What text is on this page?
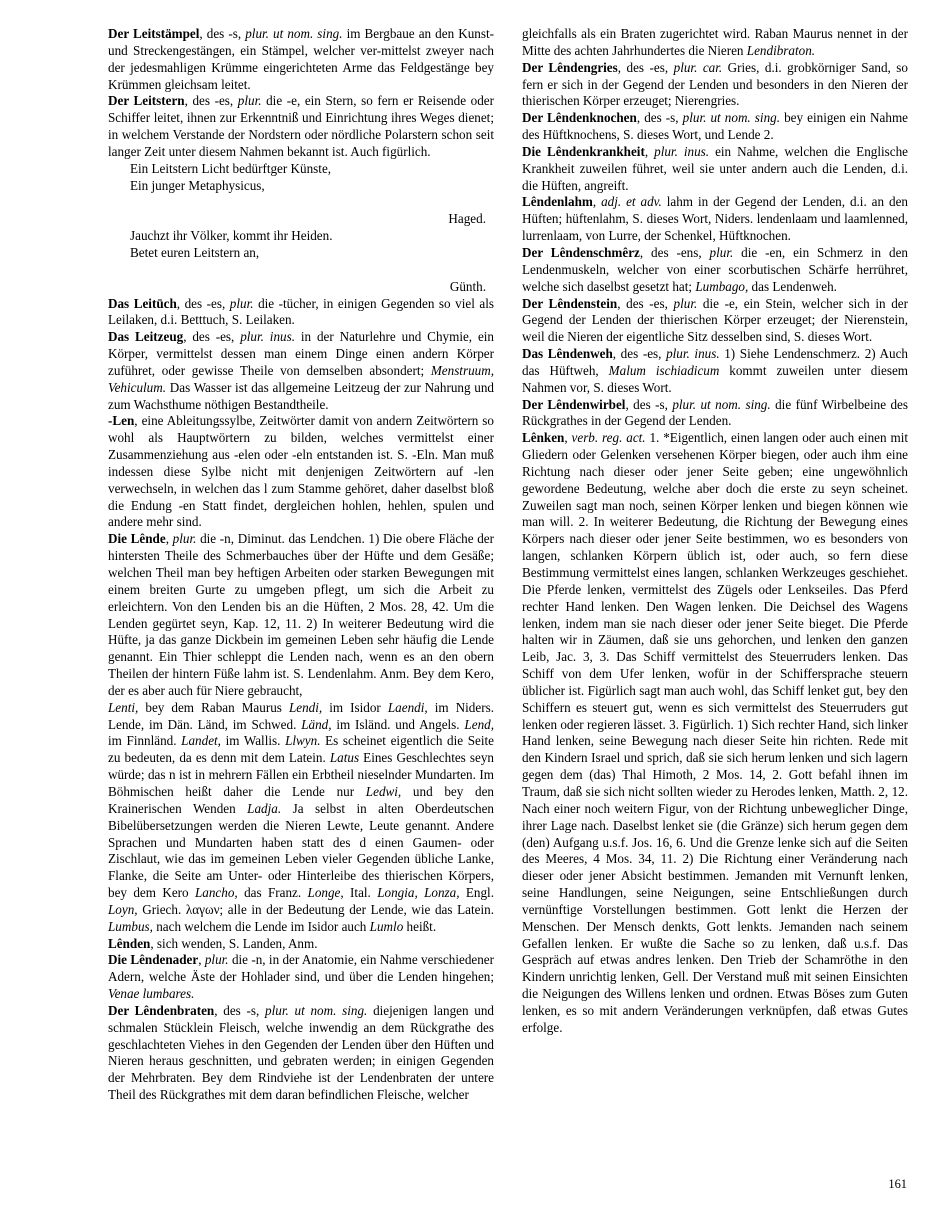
Der Leitstämpel, des -s, plur. ut nom. sing. im Bergbaue an den Kunst- und Streckengestängen, ein Stämpel, welcher ver-mittelst zweyer nach der jedesmahligen Krümme eingerichteten Arme das Feldgestänge bey Krümmen gleichsam leitet.

Der Leitstern, des -es, plur. die -e, ein Stern, so fern er Reisende oder Schiffer leitet, ihnen zur Erkenntniß und Einrichtung ihres Weges dienet; in welchem Verstande der Nordstern oder nördliche Polarstern schon seit langer Zeit unter diesem Nahmen bekannt ist. Auch figürlich.

Ein Leitstern Licht bedürftger Künste,

Ein junger Metaphysicus,

Haged.

Jauchzt ihr Völker, kommt ihr Heiden.

Betet euren Leitstern an,

Günth.

Das Leitūch, des -es, plur. die -tücher, in einigen Gegenden so viel als Leilaken, d.i. Betttuch, S. Leilaken.

Das Leitzeug, des -es, plur. inus. in der Naturlehre und Chymie, ein Körper, vermittelst dessen man einem Dinge einen andern Körper zuführet, oder gewisse Theile von demselben absondert; Menstruum, Vehiculum. Das Wasser ist das allgemeine Leitzeug der zur Nahrung und zum Wachsthume nöthigen Bestandtheile.

-Len, eine Ableitungssylbe, Zeitwörter damit von andern Zeitwörtern so wohl als Hauptwörtern zu bilden, welches vermittelst einer Zusammenziehung aus -elen oder -eln entstanden ist. S. -Eln. Man muß indessen diese Sylbe nicht mit denjenigen Zeitwörtern auf -len verwechseln, in welchen das l zum Stamme gehöret, daher daselbst bloß die Endung -en Statt findet, dergleichen hohlen, hehlen, spulen und andere mehr sind.

Die Lênde, plur. die -n, Diminut. das Lendchen. 1) Die obere Fläche der hintersten Theile des Schmerbauches über der Hüfte und dem Gesäße; welchen Theil man bey heftigen Arbeiten oder starken Bewegungen mit einem breiten Gurte zu umgeben pflegt, um sich die Arbeit zu erleichtern. Von den Lenden bis an die Hüften, 2 Mos. 28, 42. Um die Lenden gegürtet seyn, Kap. 12, 11. 2) In weiterer Bedeutung wird die Hüfte, ja das ganze Dickbein im gemeinen Leben sehr häufig die Lende genannt. Ein Thier schleppt die Lenden nach, wenn es an den obern Theilen der hintern Füße lahm ist. S. Lendenlahm. Anm. Bey dem Kero, der es aber auch für Niere gebraucht,

Lenti, bey dem Raban Maurus Lendi, im Isidor Laendi, im Niders. Lende, im Dän. Länd, im Schwed. Länd, im Isländ. und Angels. Lend, im Finnländ. Landet, im Wallis. Llwyn. Es scheinet eigentlich die Seite zu bedeuten, da es denn mit dem Latein. Latus Eines Geschlechtes seyn würde; das n ist in mehrern Fällen ein Erbtheil nieselnder Mundarten. Im Böhmischen heißt daher die Lende nur Ledwi, und bey den Krainerischen Wenden Ladja. Ja selbst in alten Oberdeutschen Bibelübersetzungen werden die Nieren Lewte, Leute genannt. Andere Sprachen und Mundarten haben statt des d einen Gaumen- oder Zischlaut, wie das im gemeinen Leben vieler Gegenden übliche Lanke, Flanke, die Seite am Unter- oder Hinterleibe des thierischen Körpers, bey dem Kero Lancho, das Franz. Longe, Ital. Longia, Lonza, Engl. Loyn, Griech. λαγων; alle in der Bedeutung der Lende, wie das Latein. Lumbus, nach welchem die Lende im Isidor auch Lumlo heißt.

Lênden, sich wenden, S. Landen, Anm.

Die Lêndenader, plur. die -n, in der Anatomie, ein Nahme verschiedener Adern, welche Äste der Hohlader sind, und über die Lenden hingehen; Venae lumbares.

Der Lêndenbraten, des -s, plur. ut nom. sing. diejenigen langen und schmalen Stücklein Fleisch, welche inwendig an dem Rückgrathe des geschlachteten Viehes in den Gegenden der Lenden über den Hüften und Nieren heraus geschnitten, und gebraten werden; in einigen Gegenden der Mehrbraten. Bey dem Rindviehe ist der Lendenbraten der untere Theil des Rückgrathes mit dem daran befindlichen Fleische, welcher

gleichfalls als ein Braten zugerichtet wird. Raban Maurus nennet in der Mitte des achten Jahrhundertes die Nieren Lendibraton.

Der Lêndengries, des -es, plur. car. Gries, d.i. grobkörniger Sand, so fern er sich in der Gegend der Lenden und besonders in den Nieren der thierischen Körper erzeuget; Nierengries.

Der Lêndenknochen, des -s, plur. ut nom. sing. bey einigen ein Nahme des Hüftknochens, S. dieses Wort, und Lende 2.

Die Lêndenkrankheit, plur. inus. ein Nahme, welchen die Englische Krankheit zuweilen führet, weil sie unter andern auch die Lenden, d.i. die Hüften, angreift.

Lêndenlahm, adj. et adv. lahm in der Gegend der Lenden, d.i. an den Hüften; hüftenlahm, S. dieses Wort, Niders. lendenlaam und laamlenned, lurrenlaam, von Lurre, der Schenkel, Hüftknochen.

Der Lêndenschmêrz, des -ens, plur. die -en, ein Schmerz in den Lendenmuskeln, welcher von einer scorbutischen Schärfe herrühret, welche sich daselbst gesetzt hat; Lumbago, das Lendenweh.

Der Lêndenstein, des -es, plur. die -e, ein Stein, welcher sich in der Gegend der Lenden der thierischen Körper erzeuget; der Nierenstein, weil die Nieren der eigentliche Sitz desselben sind, S. dieses Wort.

Das Lêndenweh, des -es, plur. inus. 1) Siehe Lendenschmerz. 2) Auch das Hüftweh, Malum ischiadicum kommt zuweilen unter diesem Nahmen vor, S. dieses Wort.

Der Lêndenwirbel, des -s, plur. ut nom. sing. die fünf Wirbelbeine des Rückgrathes in der Gegend der Lenden.

Lênken, verb. reg. act. 1. *Eigentlich, einen langen oder auch einen mit Gliedern oder Gelenken versehenen Körper biegen, oder auch ihm eine Richtung nach dieser oder jener Seite geben; eine ungewöhnlich gewordene Bedeutung, welche aber doch die erste zu seyn scheinet. Zuweilen sagt man noch, seinen Körper lenken und biegen können wie man will. 2. In weiterer Bedeutung, die Richtung der Bewegung eines Körpers nach dieser oder jener Seite bestimmen, wo es besonders von langen, schlanken Körpern üblich ist, oder auch, so fern diese Bestimmung vermittelst eines langen, schlanken Werkzeuges geschiehet. Die Pferde lenken, vermittelst des Zügels oder Lenkseiles. Das Pferd rechter Hand lenken. Den Wagen lenken. Die Deichsel des Wagens lenken, indem man sie nach dieser oder jener Seite bieget. Die Pferde halten wir in Zäumen, daß sie uns gehorchen, und lenken den ganzen Leib, Jac. 3, 3. Das Schiff vermittelst des Steuerruders lenken. Das Schiff von dem Ufer lenken, wofür in der Schiffersprache steuern üblicher ist. Figürlich sagt man auch wohl, das Schiff lenket gut, bey den Schiffern es steuert gut, wenn es sich vermittelst des Steuerruders gut lenken oder regieren lässet. 3. Figürlich. 1) Sich rechter Hand, sich linker Hand lenken, seine Bewegung nach dieser Seite hin richten. Rede mit den Kindern Israel und sprich, daß sie sich herum lenken und sich lagern gegen dem (das) Thal Himoth, 2 Mos. 14, 2. Gott befahl ihnen im Traum, daß sie sich nicht sollten wieder zu Herodes lenken, Matth. 2, 12. Nach einer noch weitern Figur, von der Richtung unbeweglicher Dinge, ihrer Lage nach. Daselbst lenket sie (die Gränze) sich herum gegen dem (den) Aufgang u.s.f. Jos. 16, 6. Und die Grenze lenke sich auf die Seiten des Meeres, 4 Mos. 34, 11. 2) Die Richtung einer Veränderung nach dieser oder jener Absicht bestimmen. Jemanden mit Vernunft lenken, seine Handlungen, seine Neigungen, seine Entschließungen durch vernünftige Vorstellungen bestimmen. Gott lenkt die Herzen der Menschen. Der Mensch denkts, Gott lenkts. Jemanden nach seinem Gefallen lenken. Er wußte die Sache so zu lenken, daß u.s.f. Das Gespräch auf etwas andres lenken. Den Trieb der Schamröthe in den Kindern unrichtig lenken, Gell. Der Verstand muß mit seinen Einsichten die Neigungen des Willens lenken und ordnen. Etwas Böses zum Guten lenken, es so mit andern Veränderungen verknüpfen, daß etwas Gutes erfolge.

161
